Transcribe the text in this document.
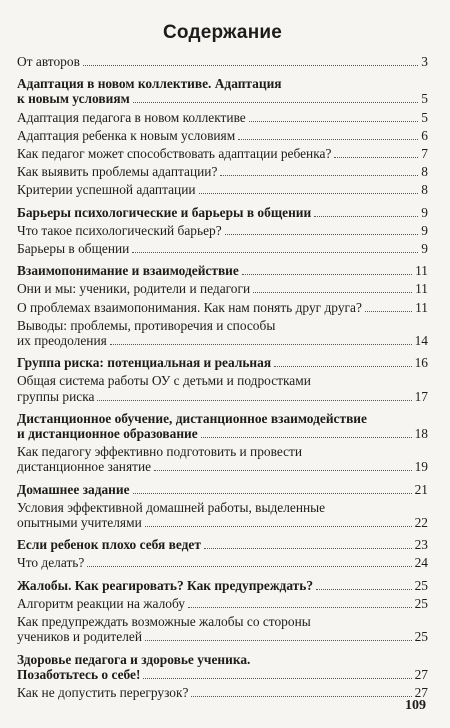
Содержание
От авторов	3
Адаптация в новом коллективе. Адаптация
к новым условиям	5
Адаптация педагога в новом коллективе	5
Адаптация ребенка к новым условиям	6
Как педагог может способствовать адаптации ребенка?	7
Как выявить проблемы адаптации?	8
Критерии успешной адаптации	8
Барьеры психологические и барьеры в общении	9
Что такое психологический барьер?	9
Барьеры в общении	9
Взаимопонимание и взаимодействие	11
Они и мы: ученики, родители и педагоги	11
О проблемах взаимопонимания. Как нам понять друг друга?	11
Выводы: проблемы, противоречия и способы
их преодоления	14
Группа риска: потенциальная и реальная	16
Общая система работы ОУ с детьми и подростками
группы риска	17
Дистанционное обучение, дистанционное взаимодействие
и дистанционное образование	18
Как педагогу эффективно подготовить и провести
дистанционное занятие	19
Домашнее задание	21
Условия эффективной домашней работы, выделенные
опытными учителями	22
Если ребенок плохо себя ведет	23
Что делать?	24
Жалобы. Как реагировать? Как предупреждать?	25
Алгоритм реакции на жалобу	25
Как предупреждать возможные жалобы со стороны
учеников и родителей	25
Здоровье педагога и здоровье ученика.
Позаботьтесь о себе!	27
Как не допустить перегрузок?	27
109
